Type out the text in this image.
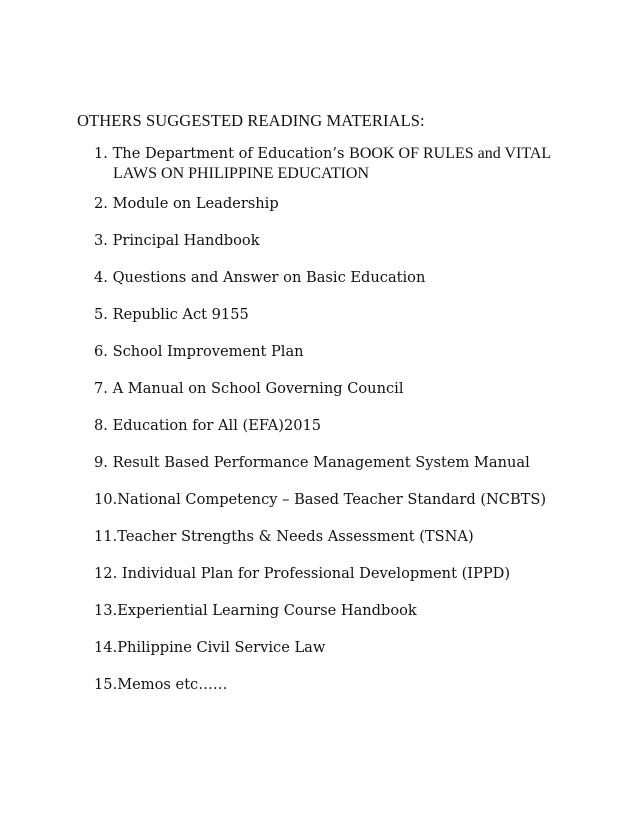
OTHERS SUGGESTED READING MATERIALS:
1. The Department of Education’s BOOK OF RULES and VITAL
LAWS ON PHILIPPINE EDUCATION
2. Module on Leadership
3. Principal Handbook
4. Questions and Answer on Basic Education
5. Republic Act 9155
6. School Improvement Plan
7. A Manual on School Governing Council
8. Education for All (EFA)2015
9. Result Based Performance Management System Manual
10.National Competency – Based Teacher Standard (NCBTS)
11.Teacher Strengths & Needs Assessment (TSNA)
12. Individual Plan for Professional Development (IPPD)
13.Experiential Learning Course Handbook
14.Philippine Civil Service Law
15.Memos etc……
